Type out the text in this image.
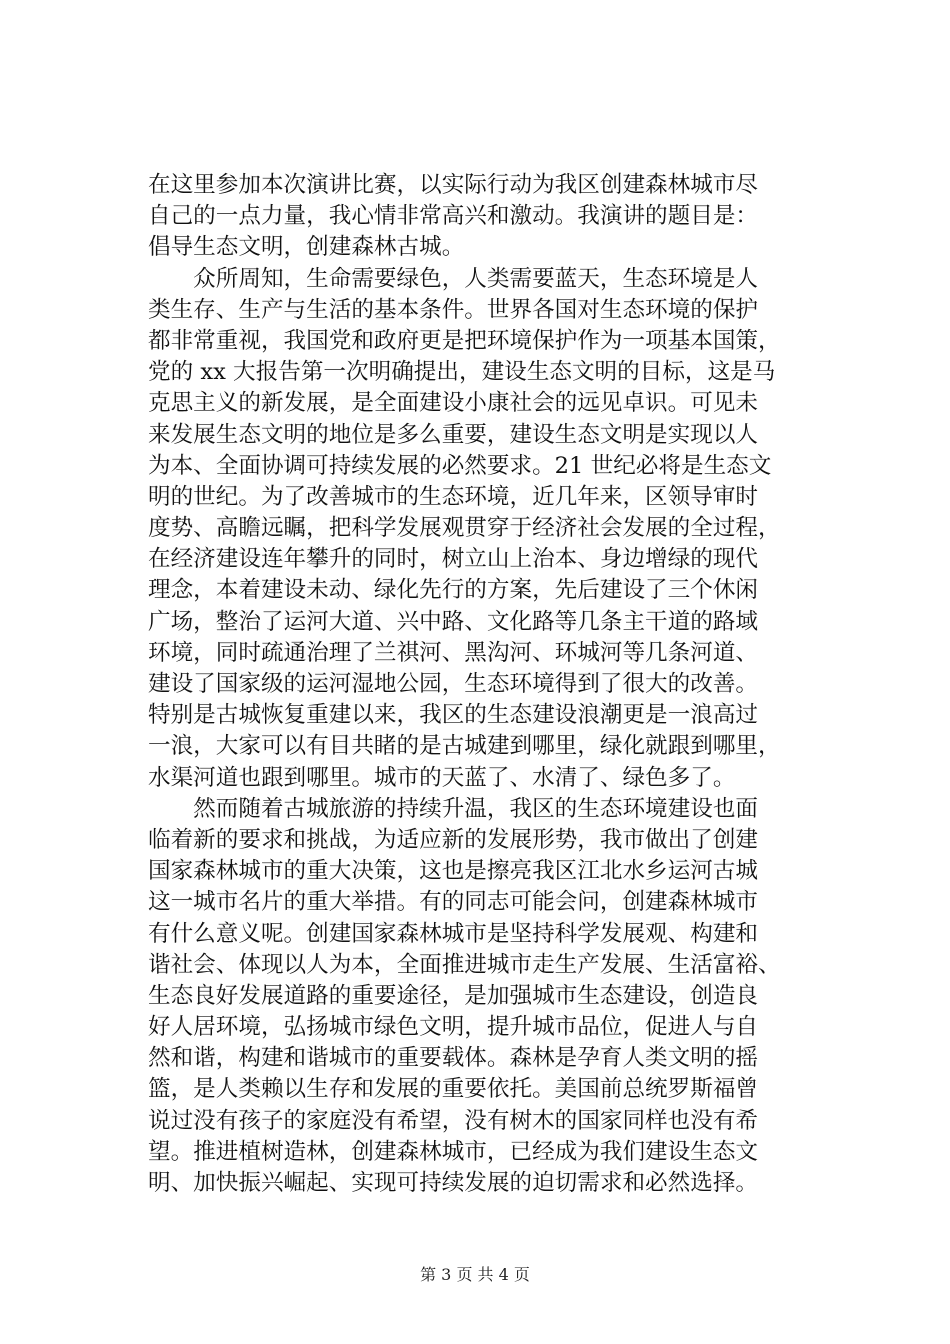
在这里参加本次演讲比赛，以实际行动为我区创建森林城市尽
自己的一点力量，我心情非常高兴和激动。我演讲的题目是：
倡导生态文明，创建森林古城。
　　众所周知，生命需要绿色，人类需要蓝天，生态环境是人
类生存、生产与生活的基本条件。世界各国对生态环境的保护
都非常重视，我国党和政府更是把环境保护作为一项基本国策，
党的 xx 大报告第一次明确提出，建设生态文明的目标，这是马
克思主义的新发展，是全面建设小康社会的远见卓识。可见未
来发展生态文明的地位是多么重要，建设生态文明是实现以人
为本、全面协调可持续发展的必然要求。21 世纪必将是生态文
明的世纪。为了改善城市的生态环境，近几年来，区领导审时
度势、高瞻远瞩，把科学发展观贯穿于经济社会发展的全过程，
在经济建设连年攀升的同时，树立山上治本、身边增绿的现代
理念，本着建设未动、绿化先行的方案，先后建设了三个休闲
广场，整治了运河大道、兴中路、文化路等几条主干道的路域
环境，同时疏通治理了兰祺河、黑沟河、环城河等几条河道、
建设了国家级的运河湿地公园，生态环境得到了很大的改善。
特别是古城恢复重建以来，我区的生态建设浪潮更是一浪高过
一浪，大家可以有目共睹的是古城建到哪里，绿化就跟到哪里，
水渠河道也跟到哪里。城市的天蓝了、水清了、绿色多了。
　　然而随着古城旅游的持续升温，我区的生态环境建设也面
临着新的要求和挑战，为适应新的发展形势，我市做出了创建
国家森林城市的重大决策，这也是擦亮我区江北水乡运河古城
这一城市名片的重大举措。有的同志可能会问，创建森林城市
有什么意义呢。创建国家森林城市是坚持科学发展观、构建和
谐社会、体现以人为本，全面推进城市走生产发展、生活富裕、
生态良好发展道路的重要途径，是加强城市生态建设，创造良
好人居环境，弘扬城市绿色文明，提升城市品位，促进人与自
然和谐，构建和谐城市的重要载体。森林是孕育人类文明的摇
篮，是人类赖以生存和发展的重要依托。美国前总统罗斯福曾
说过没有孩子的家庭没有希望，没有树木的国家同样也没有希
望。推进植树造林，创建森林城市，已经成为我们建设生态文
明、加快振兴崛起、实现可持续发展的迫切需求和必然选择。
第 3 页 共 4 页
